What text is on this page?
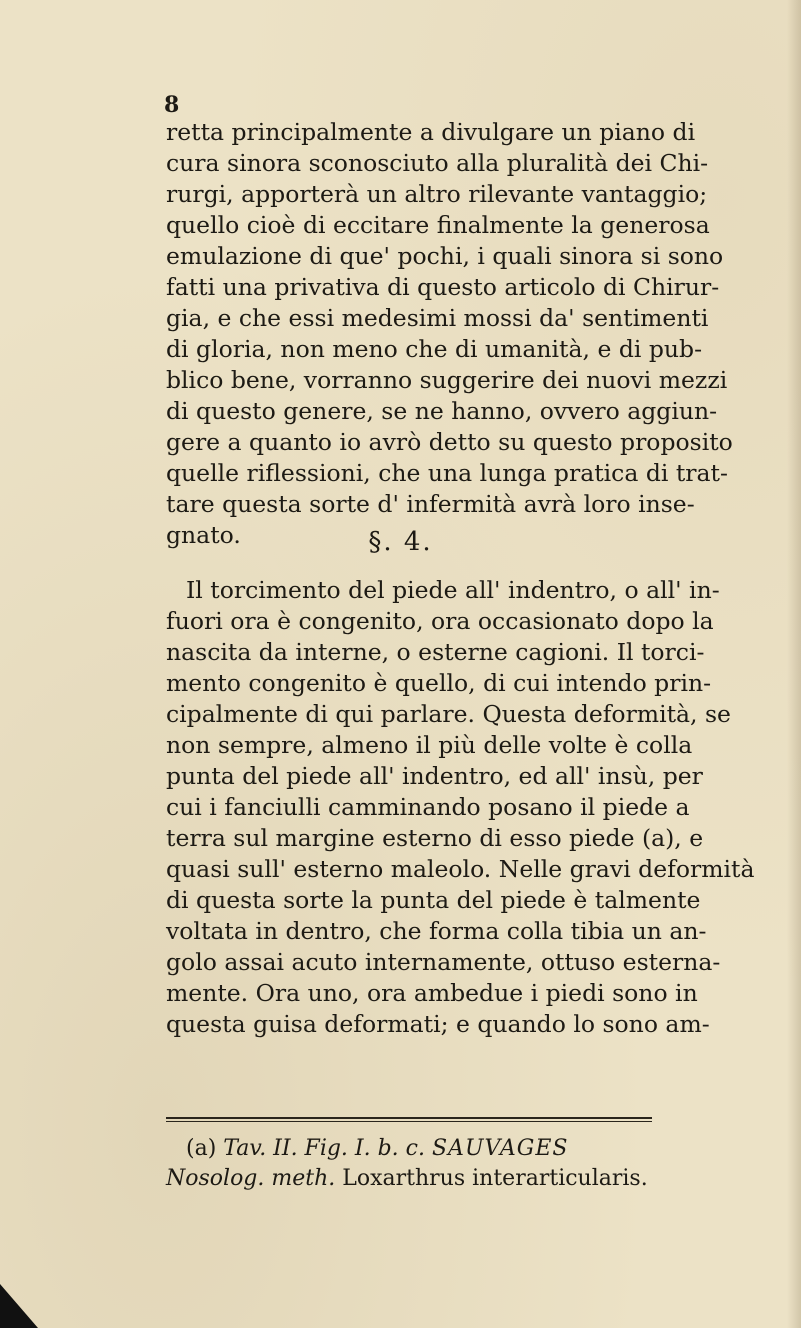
8
retta principalmente a divulgare un piano di
cura sinora sconosciuto alla pluralità dei Chi-
rurgi, apporterà un altro rilevante vantaggio;
quello cioè di eccitare finalmente la generosa
emulazione di que' pochi, i quali sinora si sono
fatti una privativa di questo articolo di Chirur-
gia, e che essi medesimi mossi da' sentimenti
di gloria, non meno che di umanità, e di pub-
blico bene, vorranno suggerire dei nuovi mezzi
di questo genere, se ne hanno, ovvero aggiun-
gere a quanto io avrò detto su questo proposito
quelle riflessioni, che una lunga pratica di trat-
tare questa sorte d' infermità avrà loro inse-
gnato.	§. 4.
Il torcimento del piede all' indentro, o all' in-
fuori ora è congenito, ora occasionato dopo la
nascita da interne, o esterne cagioni. Il torci-
mento congenito è quello, di cui intendo prin-
cipalmente di qui parlare. Questa deformità, se
non sempre, almeno il più delle volte è colla
punta del piede all' indentro, ed all' insù, per
cui i fanciulli camminando posano il piede a
terra sul margine esterno di esso piede (a), e
quasi sull' esterno maleolo. Nelle gravi deformità
di questa sorte la punta del piede è talmente
voltata in dentro, che forma colla tibia un an-
golo assai acuto internamente, ottuso esterna-
mente. Ora uno, ora ambedue i piedi sono in
questa guisa deformati; e quando lo sono am-
(a) Tav. II. Fig. I. b. c. SAUVAGES Nosolog. meth. Loxarthrus interarticularis.
